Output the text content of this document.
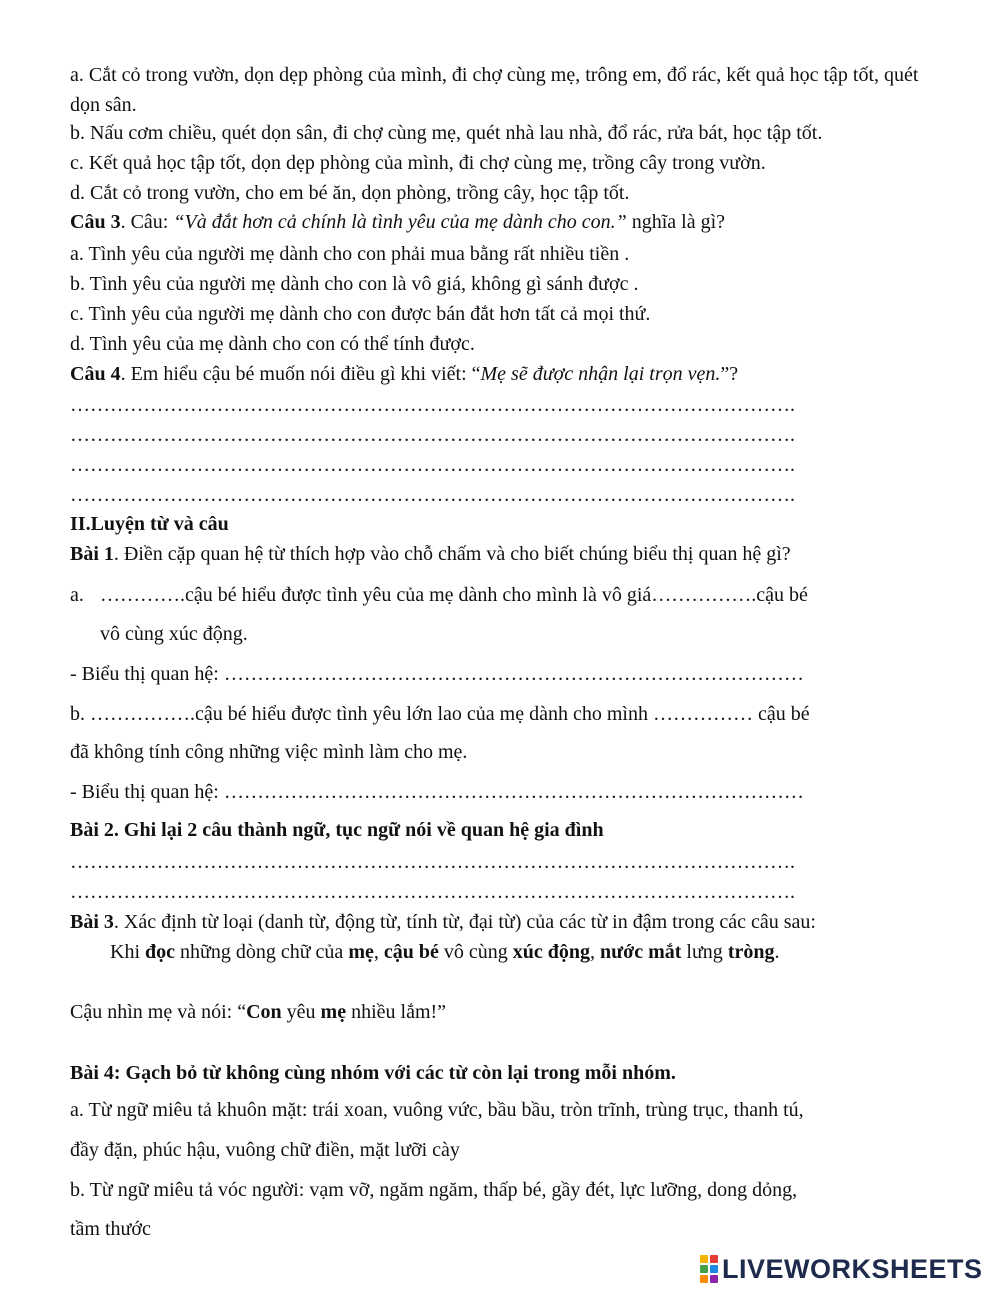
a. Cắt cỏ trong vườn, dọn dẹp phòng của mình, đi chợ cùng mẹ, trông em, đổ rác, kết quả học tập tốt, quét dọn sân.
b. Nấu cơm chiều, quét dọn sân, đi chợ cùng mẹ, quét nhà lau nhà, đổ rác, rửa bát, học tập tốt.
c. Kết quả học tập tốt, dọn dẹp phòng của mình, đi chợ cùng mẹ, trồng cây trong vườn.
d. Cắt cỏ trong vườn, cho em bé ăn, dọn phòng, trồng cây, học tập tốt.
Câu 3. Câu: “Và đắt hơn cả chính là tình yêu của mẹ dành cho con.” nghĩa là gì?
a. Tình yêu của người mẹ dành cho con phải mua bằng rất nhiều tiền .
b. Tình yêu của người mẹ dành cho con là vô giá, không gì sánh được .
c. Tình yêu của người mẹ dành cho con được bán đắt hơn tất cả mọi thứ.
d. Tình yêu của mẹ dành cho con có thể tính được.
Câu 4. Em hiểu cậu bé muốn nói điều gì khi viết: “Mẹ sẽ được nhận lại trọn vẹn.”?
……………………………………………………………………………………………….
……………………………………………………………………………………………….
……………………………………………………………………………………………….
……………………………………………………………………………………………….
II.Luyện từ và câu
Bài 1. Điền cặp quan hệ từ thích hợp vào chỗ chấm và cho biết chúng biểu thị quan hệ gì?
a. …………. cậu bé hiểu được tình yêu của mẹ dành cho mình là vô giá ……………. cậu bé
vô cùng xúc động.
- Biểu thị quan hệ: ……………………………………………………………………………
b. …………….cậu bé hiểu được tình yêu lớn lao của mẹ dành cho mình …………… cậu bé
đã không tính công những việc mình làm cho mẹ.
- Biểu thị quan hệ: ……………………………………………………………………………
Bài 2. Ghi lại 2 câu thành ngữ, tục ngữ nói về quan hệ gia đình
……………………………………………………………………………………………….
……………………………………………………………………………………………….
Bài 3. Xác định từ loại (danh từ, động từ, tính từ, đại từ) của các từ in đậm trong các câu sau:
Khi đọc những dòng chữ của mẹ, cậu bé vô cùng xúc động, nước mắt lưng tròng.
Cậu nhìn mẹ và nói: “Con yêu mẹ nhiều lắm!”
Bài 4: Gạch bỏ từ không cùng nhóm với các từ còn lại trong mỗi nhóm.
a. Từ ngữ miêu tả khuôn mặt: trái xoan, vuông vức, bầu bầu, tròn trĩnh, trùng trục, thanh tú,
đầy đặn, phúc hậu, vuông chữ điền, mặt lưỡi cày
b. Từ ngữ miêu tả vóc người: vạm vỡ, ngăm ngăm, thấp bé, gầy đét, lực lưỡng, dong dỏng,
tầm thước
LIVEWORKSHEETS
